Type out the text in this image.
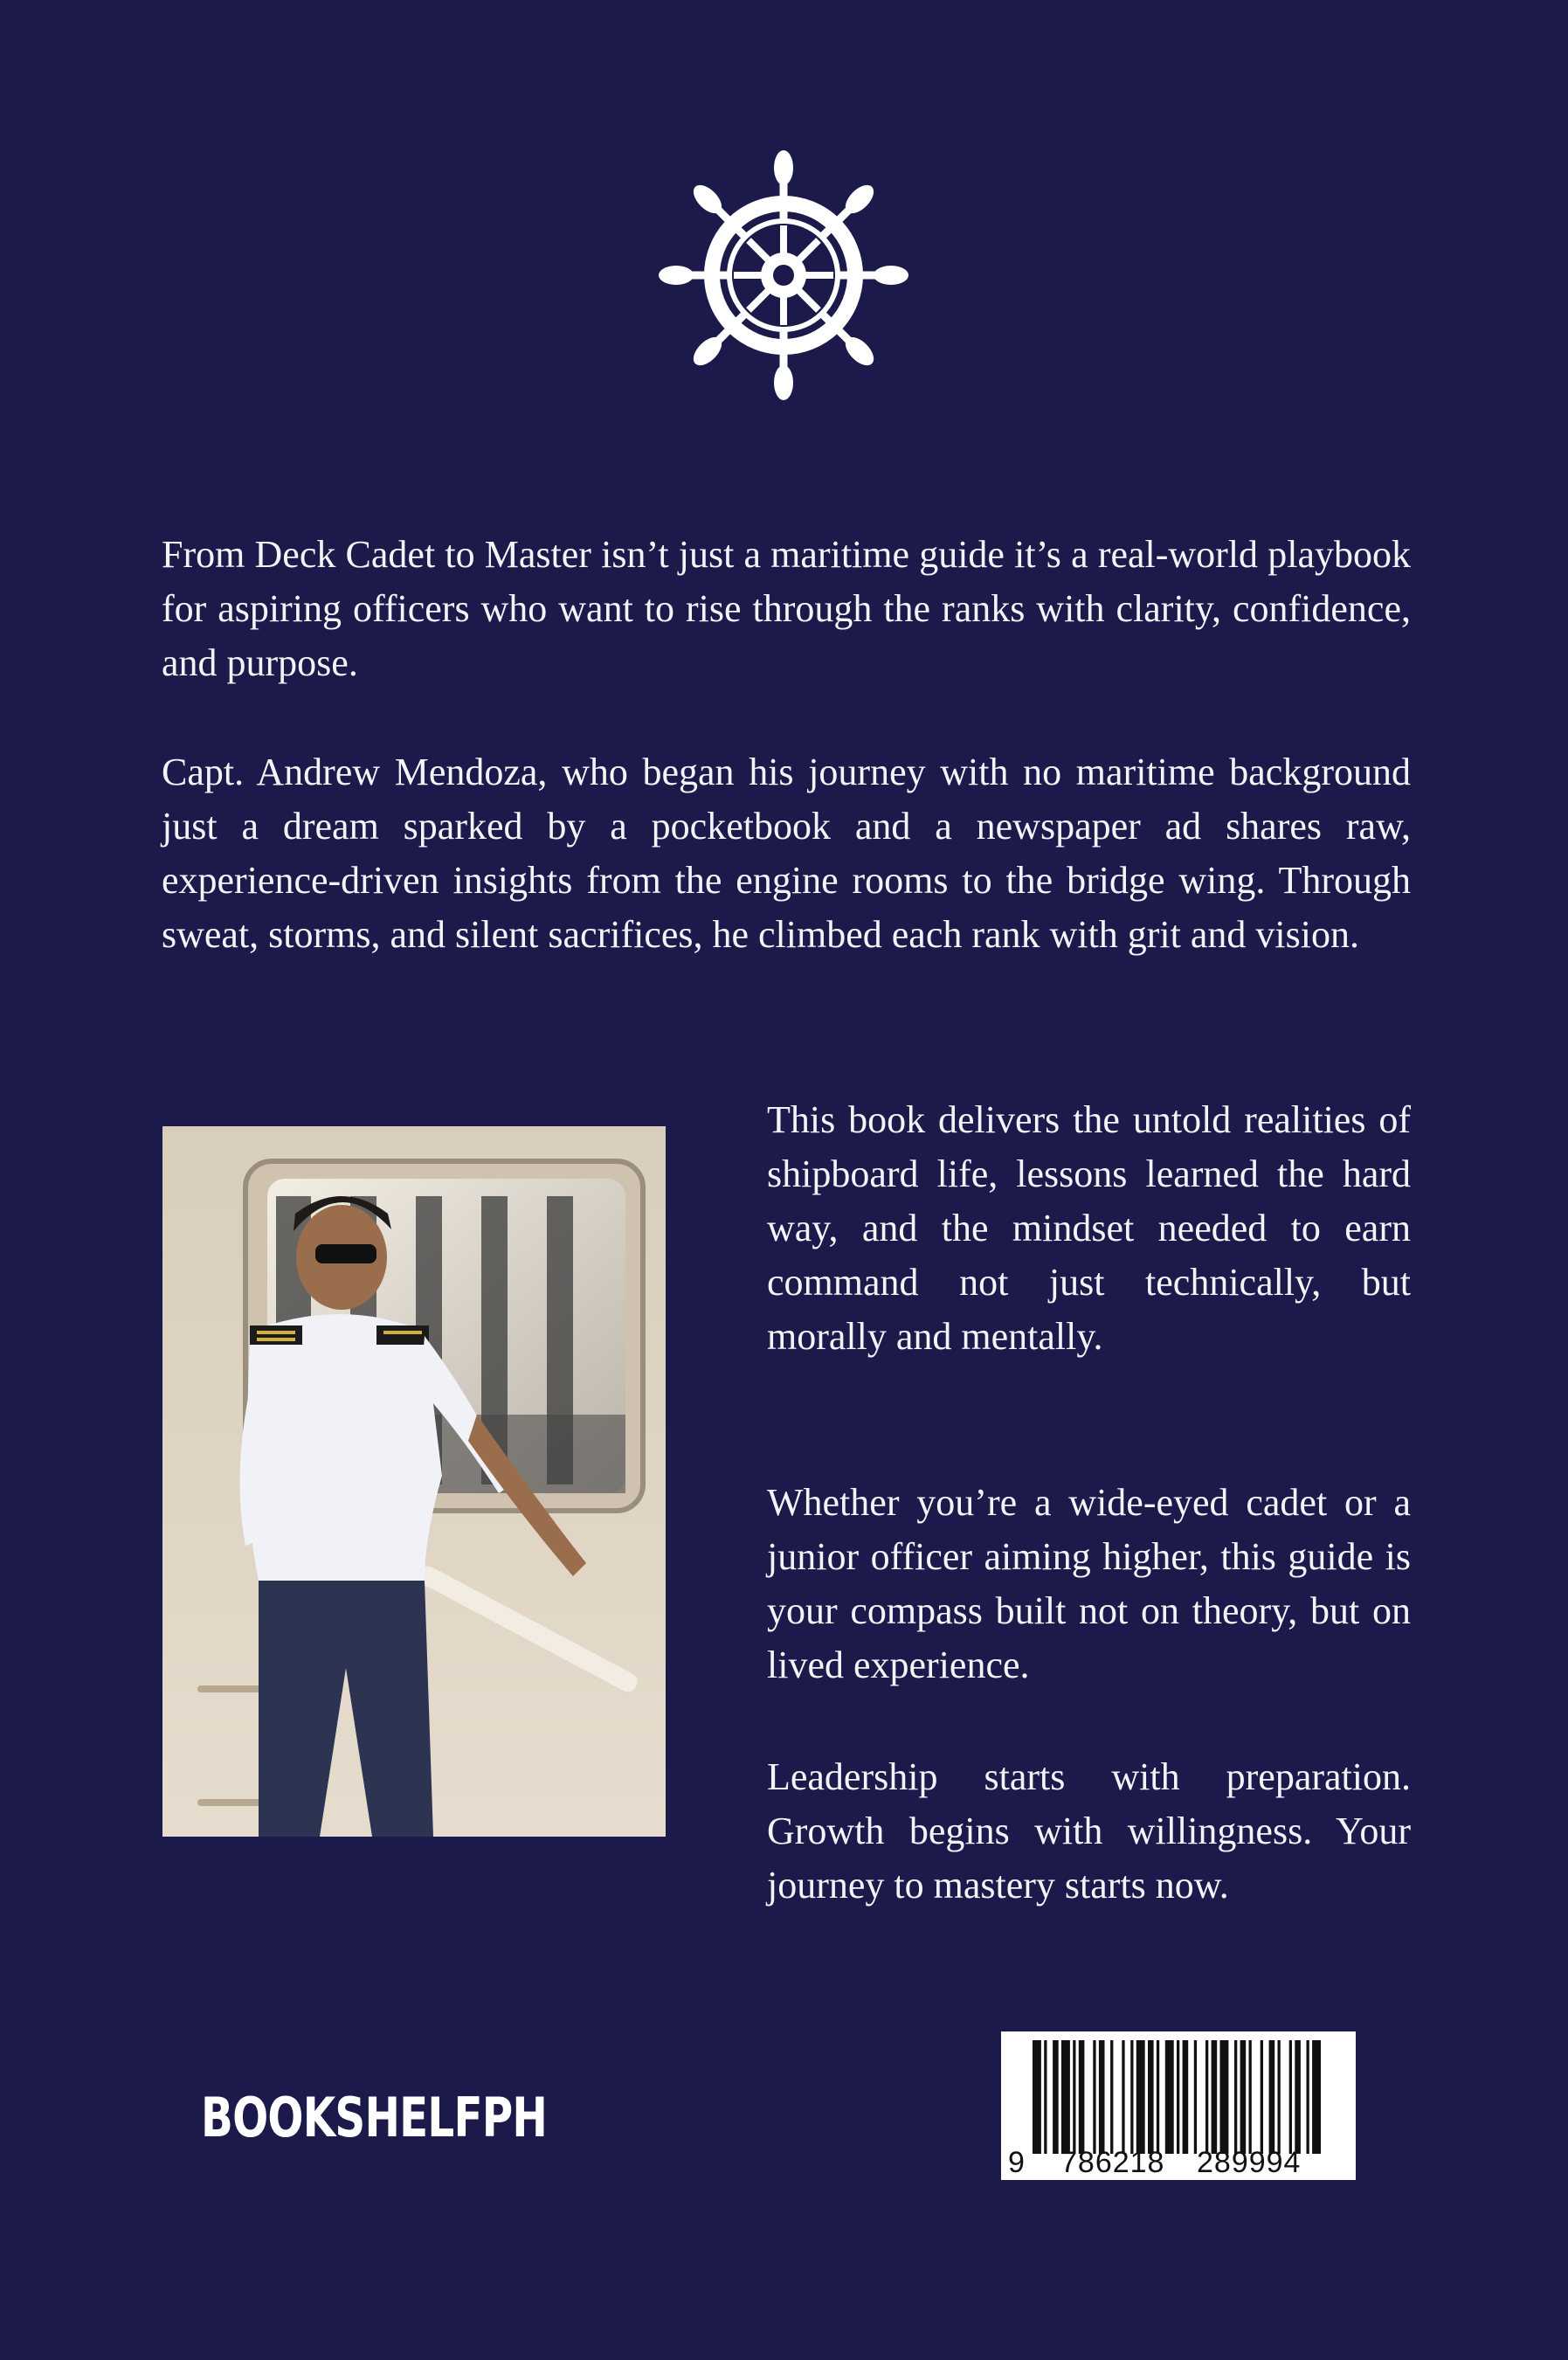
From Deck Cadet to Master isn’t just a maritime guide it’s a real-world playbook for aspiring officers who want to rise through the ranks with clarity, confidence, and purpose.

Capt. Andrew Mendoza, who began his journey with no maritime background just a dream sparked by a pocketbook and a newspaper ad shares raw, experience-driven insights from the engine rooms to the bridge wing. Through sweat, storms, and silent sacrifices, he climbed each rank with grit and vision.

This book delivers the untold realities of shipboard life, lessons learned the hard way, and the mindset needed to earn command not just technically, but morally and mentally.

Whether you’re a wide-eyed cadet or a junior officer aiming higher, this guide is your compass built not on theory, but on lived experience.

Leadership starts with preparation. Growth begins with willingness. Your journey to mastery starts now.

BOOKSHELFPH
9 786218 289994
